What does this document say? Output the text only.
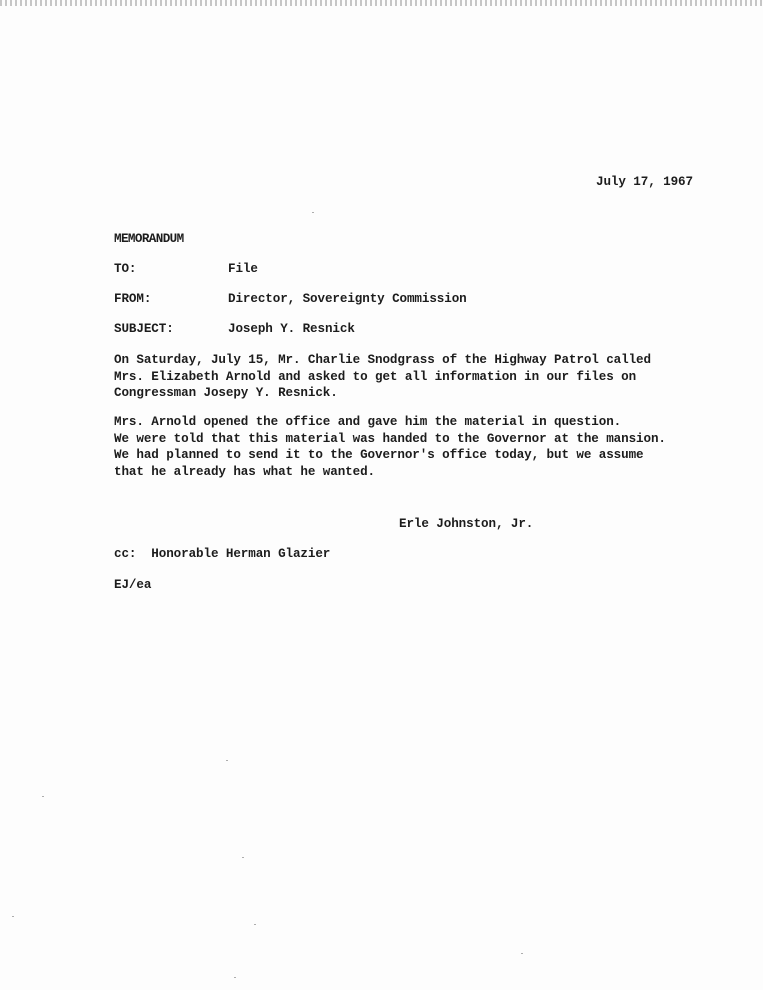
July 17, 1967
MEMORANDUM
TO:	File
FROM:	Director, Sovereignty Commission
SUBJECT:	Joseph Y. Resnick
On Saturday, July 15, Mr. Charlie Snodgrass of the Highway Patrol called
Mrs. Elizabeth Arnold and asked to get all information in our files on
Congressman Josepy Y. Resnick.
Mrs. Arnold opened the office and gave him the material in question.
We were told that this material was handed to the Governor at the mansion.
We had planned to send it to the Governor's office today, but we assume
that he already has what he wanted.
Erle Johnston, Jr.
cc:  Honorable Herman Glazier
EJ/ea
